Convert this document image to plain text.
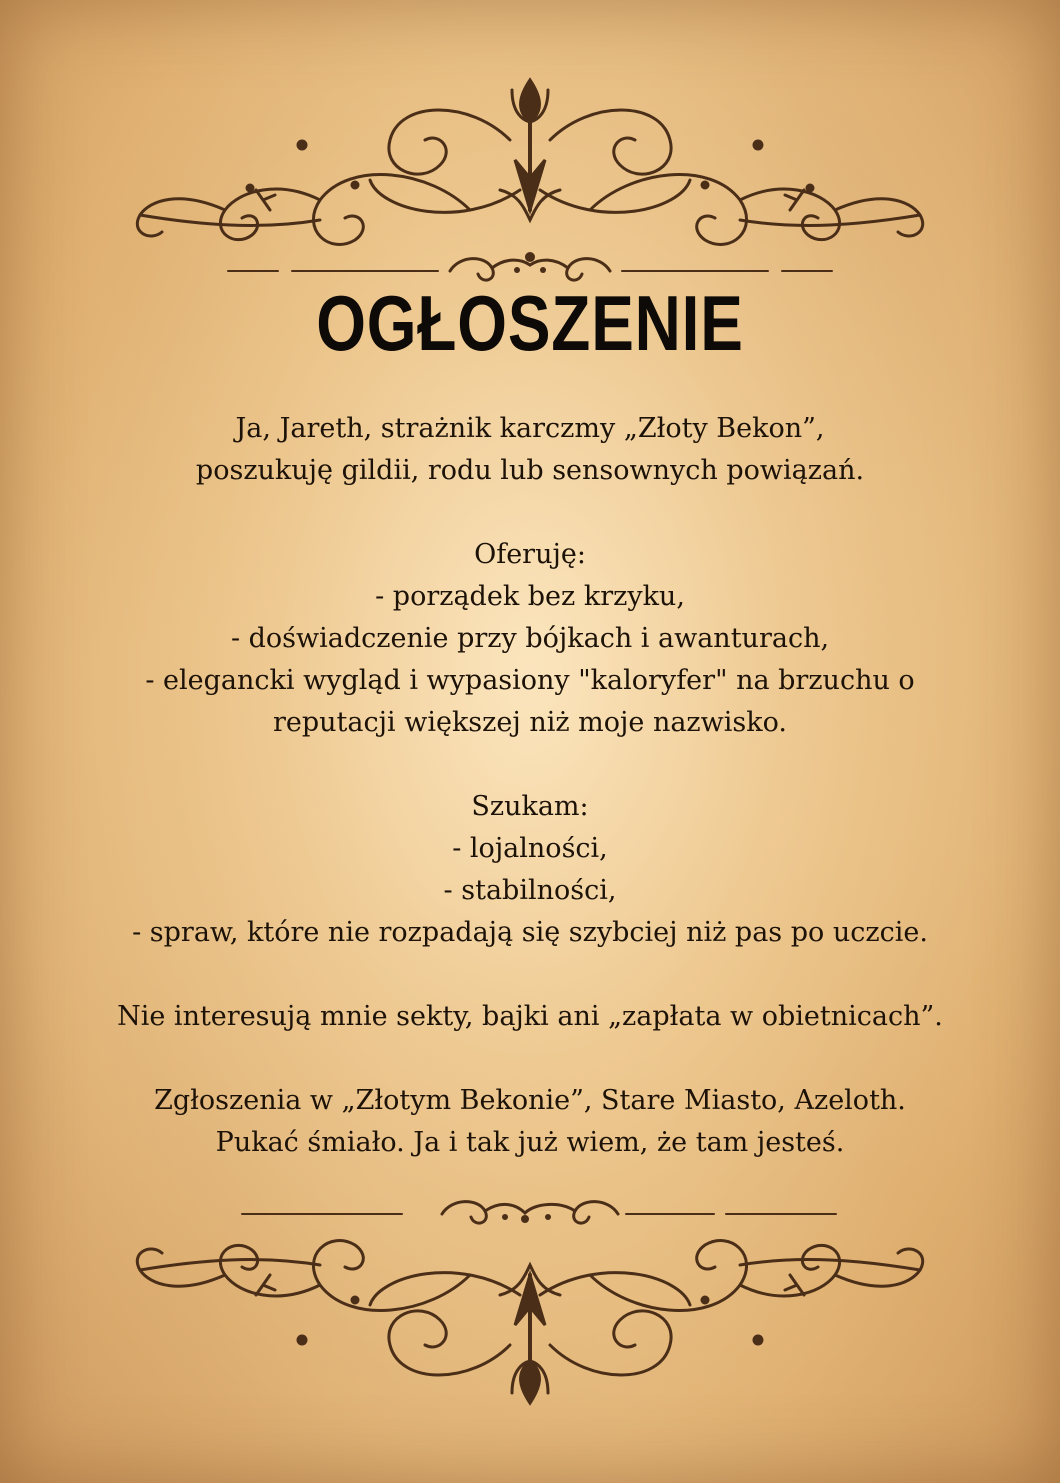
OGŁOSZENIE
Ja, Jareth, strażnik karczmy „Złoty Bekon”,
poszukuję gildii, rodu lub sensownych powiązań.
Oferuję:
- porządek bez krzyku,
- doświadczenie przy bójkach i awanturach,
- elegancki wygląd i wypasiony "kaloryfer" na brzuchu o
reputacji większej niż moje nazwisko.
Szukam:
- lojalności,
- stabilności,
- spraw, które nie rozpadają się szybciej niż pas po uczcie.
Nie interesują mnie sekty, bajki ani „zapłata w obietnicach”.
Zgłoszenia w „Złotym Bekonie”, Stare Miasto, Azeloth.
Pukać śmiało. Ja i tak już wiem, że tam jesteś.
